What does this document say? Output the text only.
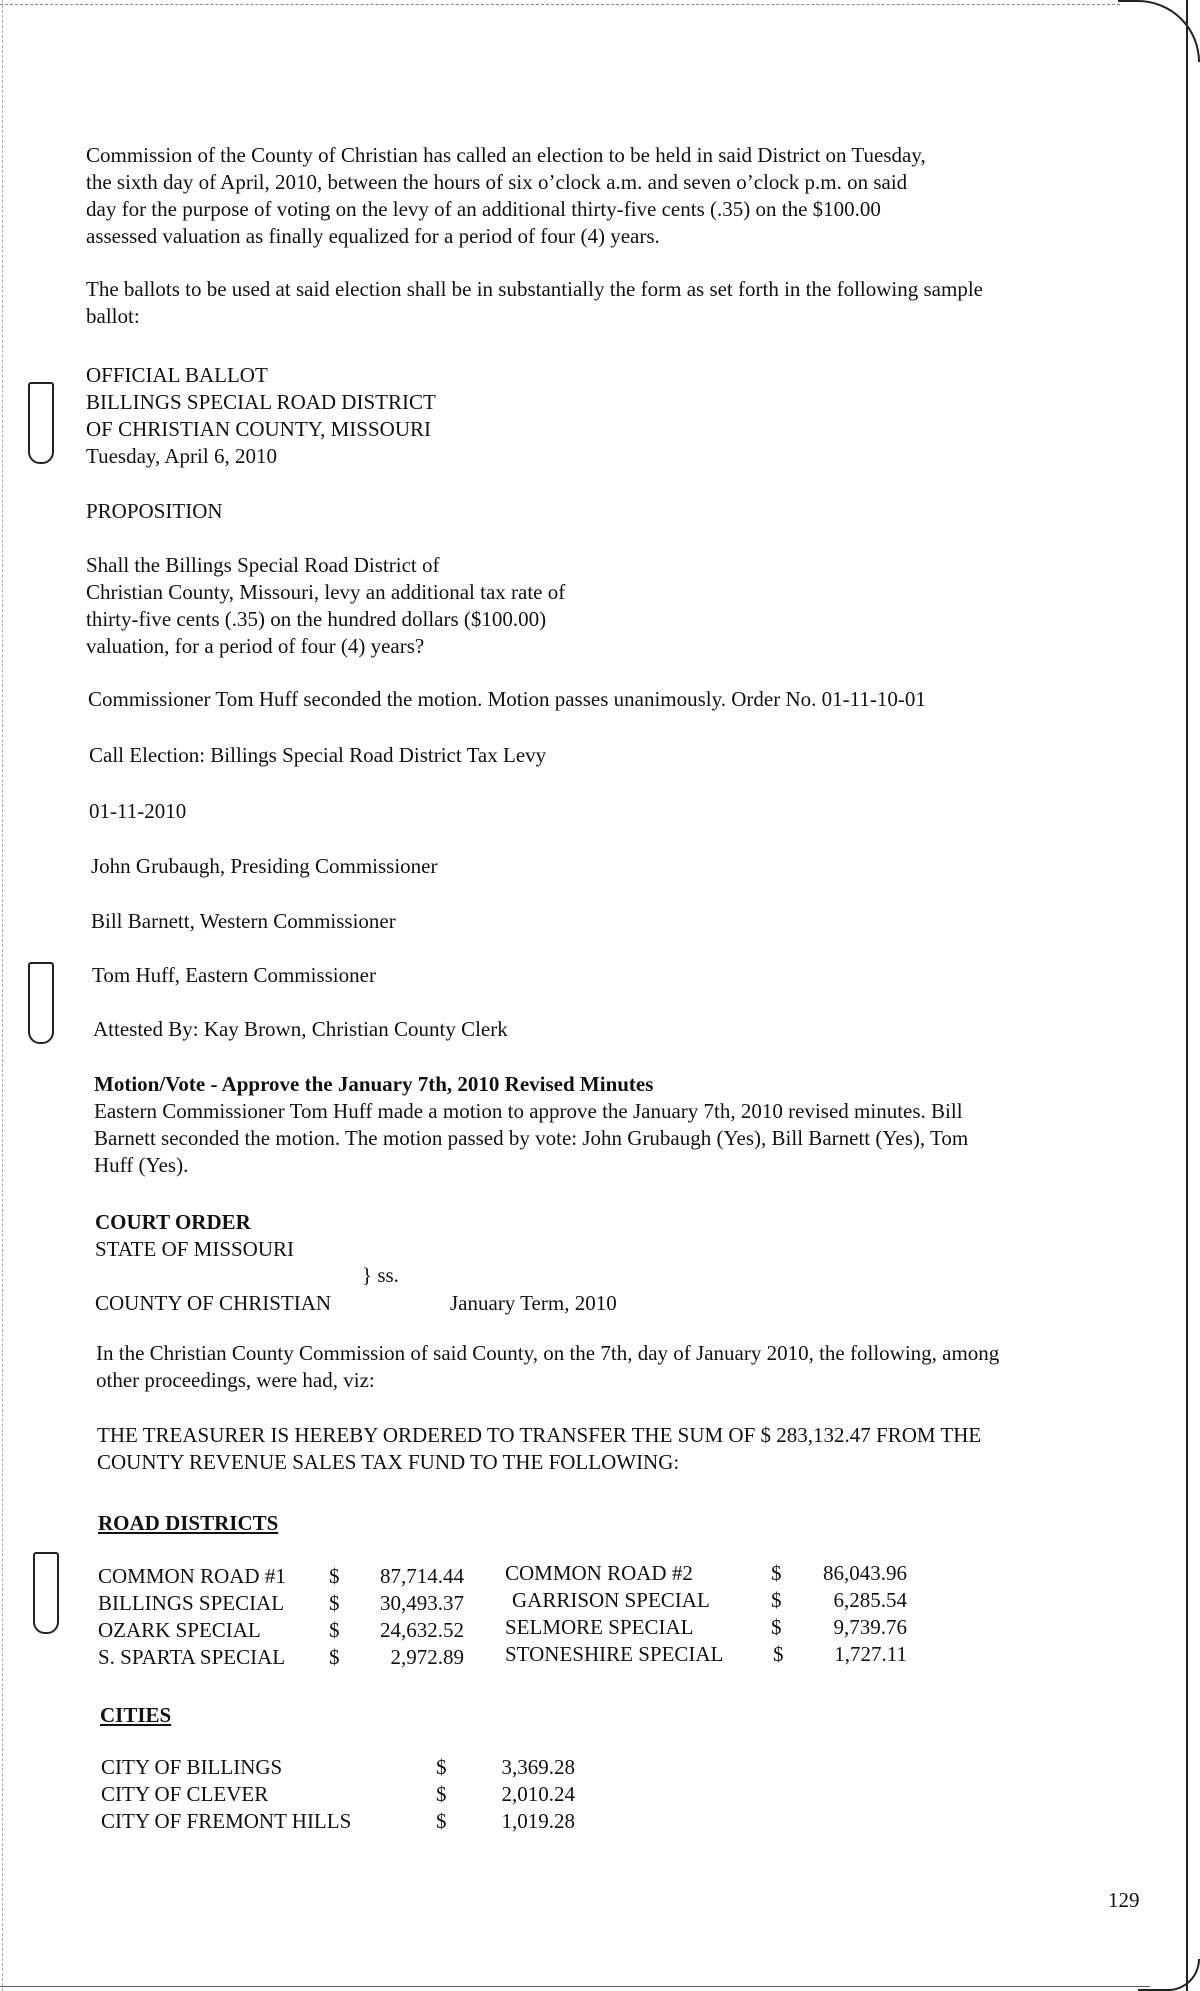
Commission of the County of Christian has called an election to be held in said District on Tuesday,
the sixth day of April, 2010, between the hours of six o’clock a.m. and seven o’clock p.m. on said
day for the purpose of voting on the levy of an additional thirty-five cents (.35) on the $100.00
assessed valuation as finally equalized for a period of four (4) years.
The ballots to be used at said election shall be in substantially the form as set forth in the following sample
ballot:
OFFICIAL BALLOT
BILLINGS SPECIAL ROAD DISTRICT
OF CHRISTIAN COUNTY, MISSOURI
Tuesday, April 6, 2010
PROPOSITION
Shall the Billings Special Road District of
Christian County, Missouri, levy an additional tax rate of
thirty-five cents (.35) on the hundred dollars ($100.00)
valuation, for a period of four (4) years?
Commissioner Tom Huff seconded the motion. Motion passes unanimously. Order No. 01-11-10-01
Call Election: Billings Special Road District Tax Levy
01-11-2010
John Grubaugh, Presiding Commissioner
Bill Barnett, Western Commissioner
Tom Huff, Eastern Commissioner
Attested By: Kay Brown, Christian County Clerk
Motion/Vote - Approve the January 7th, 2010 Revised Minutes
Eastern Commissioner Tom Huff made a motion to approve the January 7th, 2010 revised minutes. Bill
Barnett seconded the motion. The motion passed by vote: John Grubaugh (Yes), Bill Barnett (Yes), Tom
Huff (Yes).
COURT ORDER
STATE OF MISSOURI
} ss.
COUNTY OF CHRISTIAN	January Term, 2010
In the Christian County Commission of said County, on the 7th, day of January 2010, the following, among
other proceedings, were had, viz:
THE TREASURER IS HEREBY ORDERED TO TRANSFER THE SUM OF $ 283,132.47 FROM THE
COUNTY REVENUE SALES TAX FUND TO THE FOLLOWING:
ROAD DISTRICTS
COMMON ROAD #1 $	87,714.44
BILLINGS SPECIAL $	30,493.37
OZARK SPECIAL	$	24,632.52
S. SPARTA SPECIAL $	2,972.89
COMMON ROAD #2	$	86,043.96
GARRISON SPECIAL	$	6,285.54
SELMORE SPECIAL	$	9,739.76
STONESHIRE SPECIAL $	1,727.11
CITIES
CITY OF BILLINGS	$	3,369.28
CITY OF CLEVER	$	2,010.24
CITY OF FREMONT HILLS	$	1,019.28
129
